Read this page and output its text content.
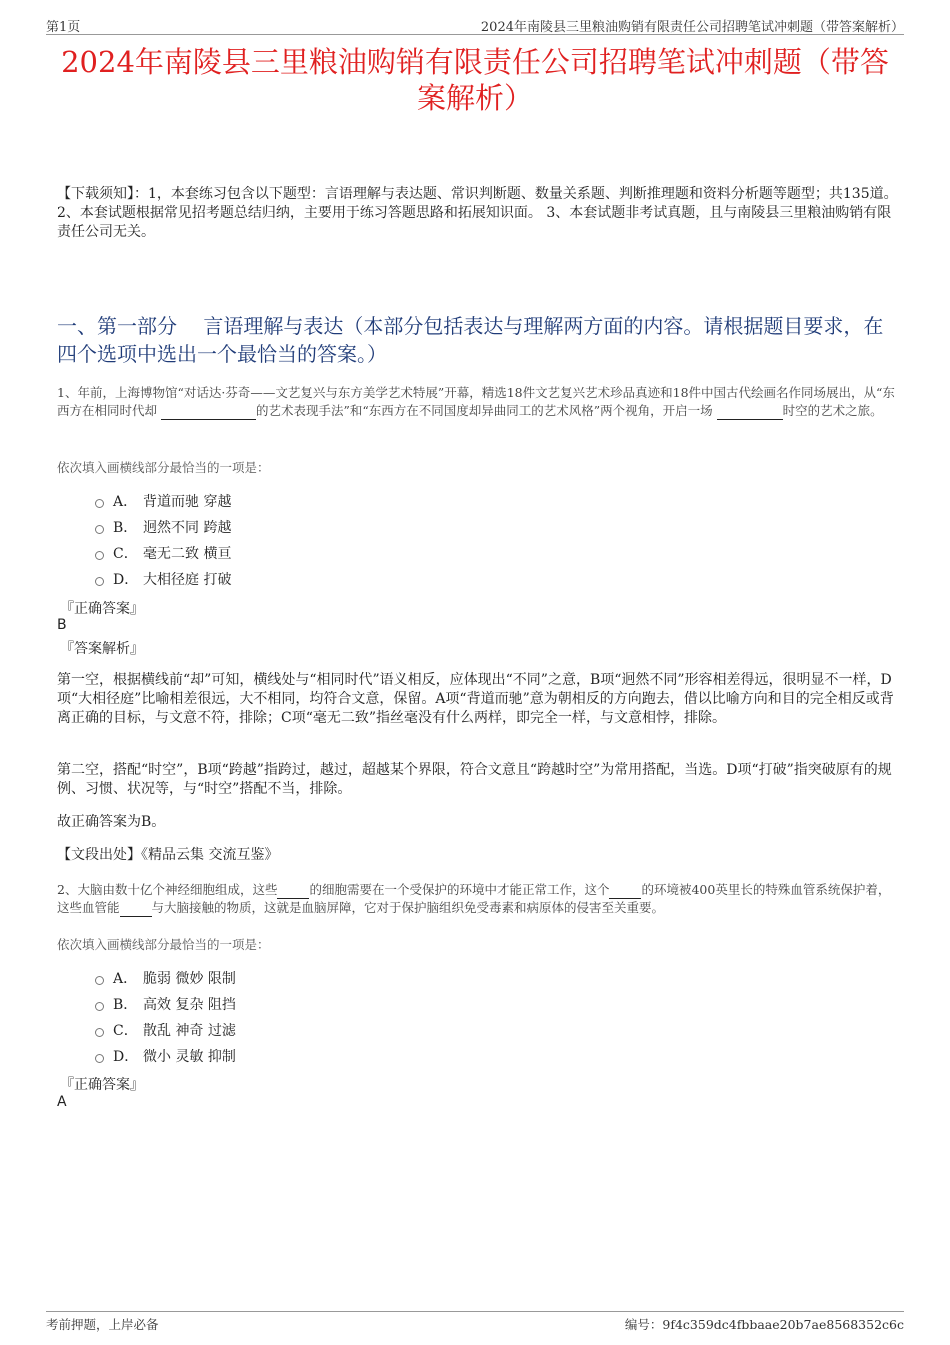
第1页	2024年南陵县三里粮油购销有限责任公司招聘笔试冲刺题（带答案解析）
2024年南陵县三里粮油购销有限责任公司招聘笔试冲刺题（带答案解析）
【下载须知】：1，本套练习包含以下题型：言语理解与表达题、常识判断题、数量关系题、判断推理题和资料分析题等题型；共135道。 2、本套试题根据常见招考题总结归纳，主要用于练习答题思路和拓展知识面。 3、本套试题非考试真题，且与南陵县三里粮油购销有限责任公司无关。
一、第一部分　 言语理解与表达（本部分包括表达与理解两方面的内容。请根据题目要求，在四个选项中选出一个最恰当的答案。）
1、年前，上海博物馆“对话达·芬奇——文艺复兴与东方美学艺术特展”开幕，精选18件文艺复兴艺术珍品真迹和18件中国古代绘画名作同场展出，从“东西方在相同时代却	的艺术表现手法”和“东西方在不同国度却异曲同工的艺术风格”两个视角，开启一场	时空的艺术之旅。
依次填入画横线部分最恰当的一项是：
A． 背道而驰 穿越
B． 迥然不同 跨越
C． 毫无二致 横亘
D． 大相径庭 打破
『正确答案』
B
『答案解析』
第一空，根据横线前“却”可知，横线处与“相同时代”语义相反，应体现出“不同”之意，B项“迥然不同”形容相差得远，很明显不一样，D项“大相径庭”比喻相差很远，大不相同，均符合文意，保留。A项“背道而驰”意为朝相反的方向跑去，借以比喻方向和目的完全相反或背离正确的目标，与文意不符，排除；C项“毫无二致”指丝毫没有什么两样，即完全一样，与文意相悖，排除。
第二空，搭配“时空”，B项“跨越”指跨过，越过，超越某个界限，符合文意且“跨越时空”为常用搭配，当选。D项“打破”指突破原有的规例、习惯、状况等，与“时空”搭配不当，排除。
故正确答案为B。
【文段出处】《精品云集 交流互鉴》
2、大脑由数十亿个神经细胞组成，这些	的细胞需要在一个受保护的环境中才能正常工作，这个	的环境被400英里长的特殊血管系统保护着，这些血管能	与大脑接触的物质，这就是血脑屏障，它对于保护脑组织免受毒素和病原体的侵害至关重要。
依次填入画横线部分最恰当的一项是：
A． 脆弱 微妙 限制
B． 高效 复杂 阻挡
C． 散乱 神奇 过滤
D． 微小 灵敏 抑制
『正确答案』
A
考前押题，上岸必备	编号：9f4c359dc4fbbaae20b7ae8568352c6c
